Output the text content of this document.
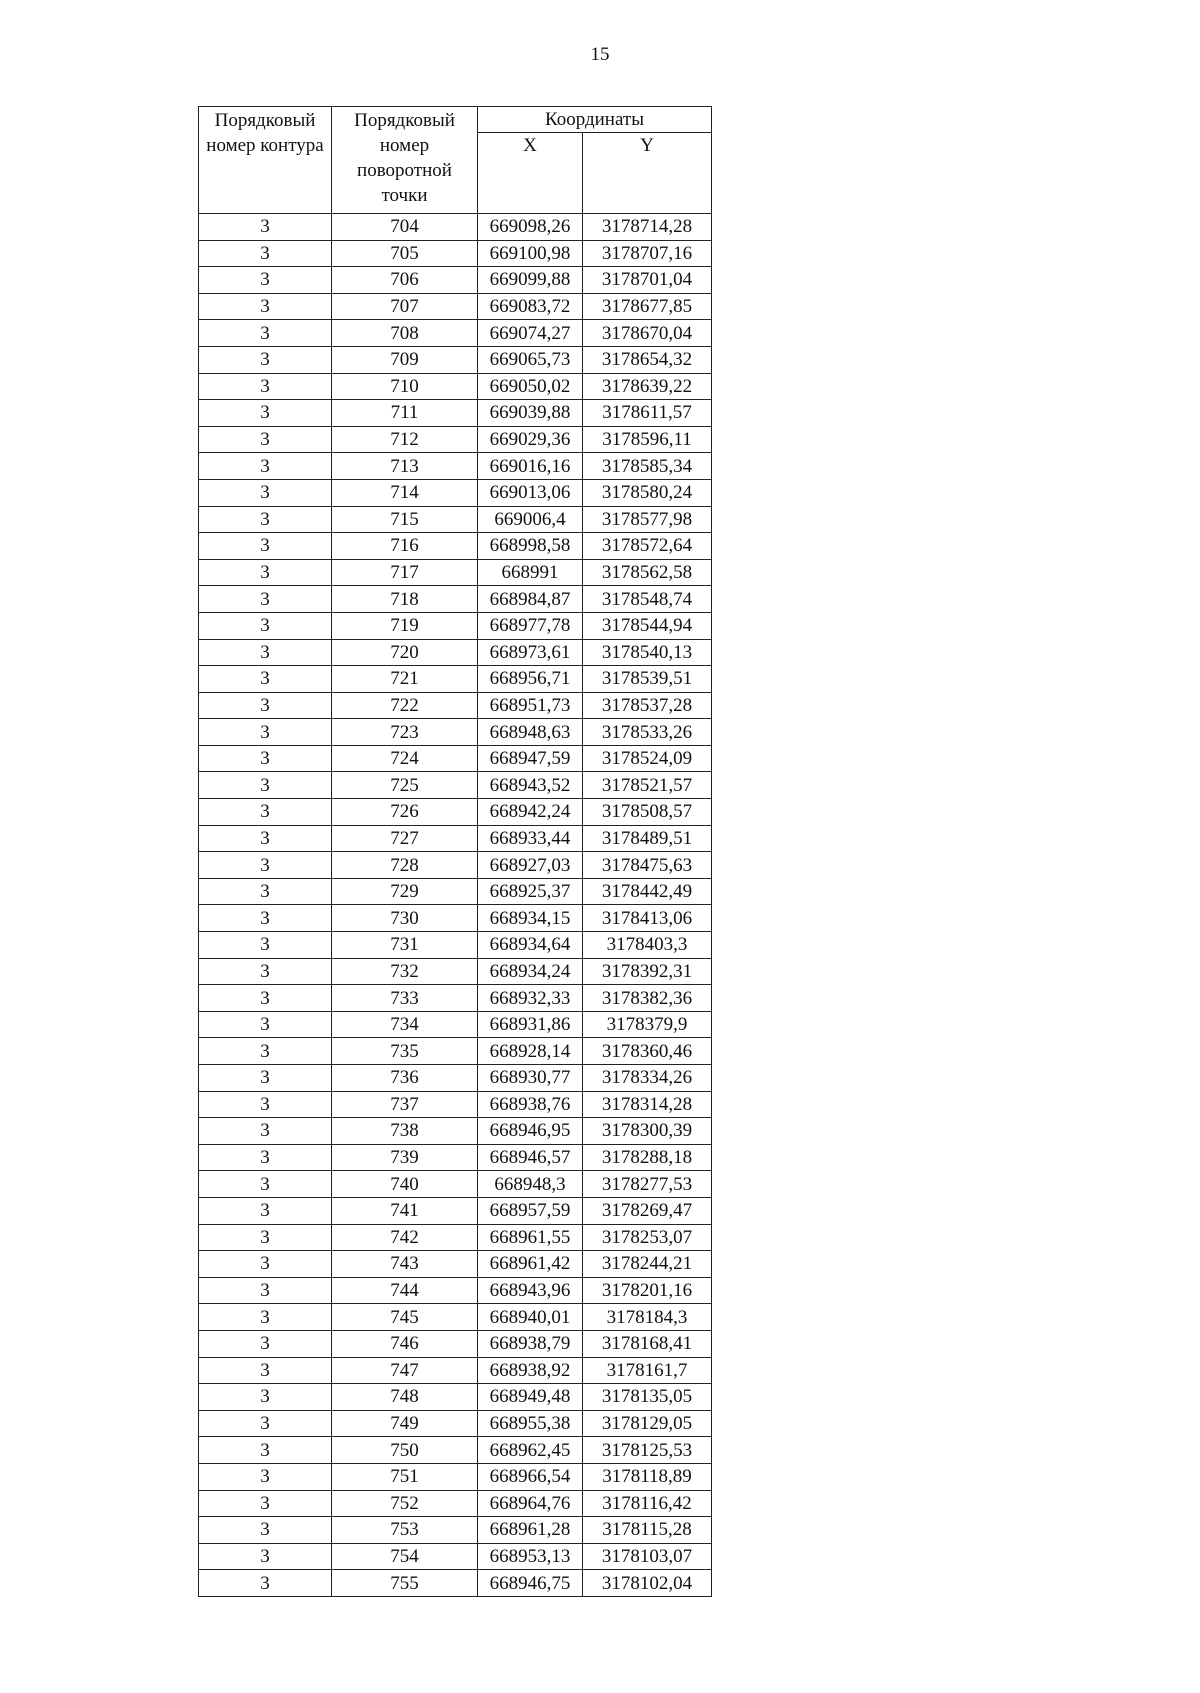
15
Порядковый номер контура	Порядковый номер поворотной точки	Координаты	
		X	Y
3	704	669098,26	3178714,28
3	705	669100,98	3178707,16
3	706	669099,88	3178701,04
3	707	669083,72	3178677,85
3	708	669074,27	3178670,04
3	709	669065,73	3178654,32
3	710	669050,02	3178639,22
3	711	669039,88	3178611,57
3	712	669029,36	3178596,11
3	713	669016,16	3178585,34
3	714	669013,06	3178580,24
3	715	669006,4	3178577,98
3	716	668998,58	3178572,64
3	717	668991	3178562,58
3	718	668984,87	3178548,74
3	719	668977,78	3178544,94
3	720	668973,61	3178540,13
3	721	668956,71	3178539,51
3	722	668951,73	3178537,28
3	723	668948,63	3178533,26
3	724	668947,59	3178524,09
3	725	668943,52	3178521,57
3	726	668942,24	3178508,57
3	727	668933,44	3178489,51
3	728	668927,03	3178475,63
3	729	668925,37	3178442,49
3	730	668934,15	3178413,06
3	731	668934,64	3178403,3
3	732	668934,24	3178392,31
3	733	668932,33	3178382,36
3	734	668931,86	3178379,9
3	735	668928,14	3178360,46
3	736	668930,77	3178334,26
3	737	668938,76	3178314,28
3	738	668946,95	3178300,39
3	739	668946,57	3178288,18
3	740	668948,3	3178277,53
3	741	668957,59	3178269,47
3	742	668961,55	3178253,07
3	743	668961,42	3178244,21
3	744	668943,96	3178201,16
3	745	668940,01	3178184,3
3	746	668938,79	3178168,41
3	747	668938,92	3178161,7
3	748	668949,48	3178135,05
3	749	668955,38	3178129,05
3	750	668962,45	3178125,53
3	751	668966,54	3178118,89
3	752	668964,76	3178116,42
3	753	668961,28	3178115,28
3	754	668953,13	3178103,07
3	755	668946,75	3178102,04
